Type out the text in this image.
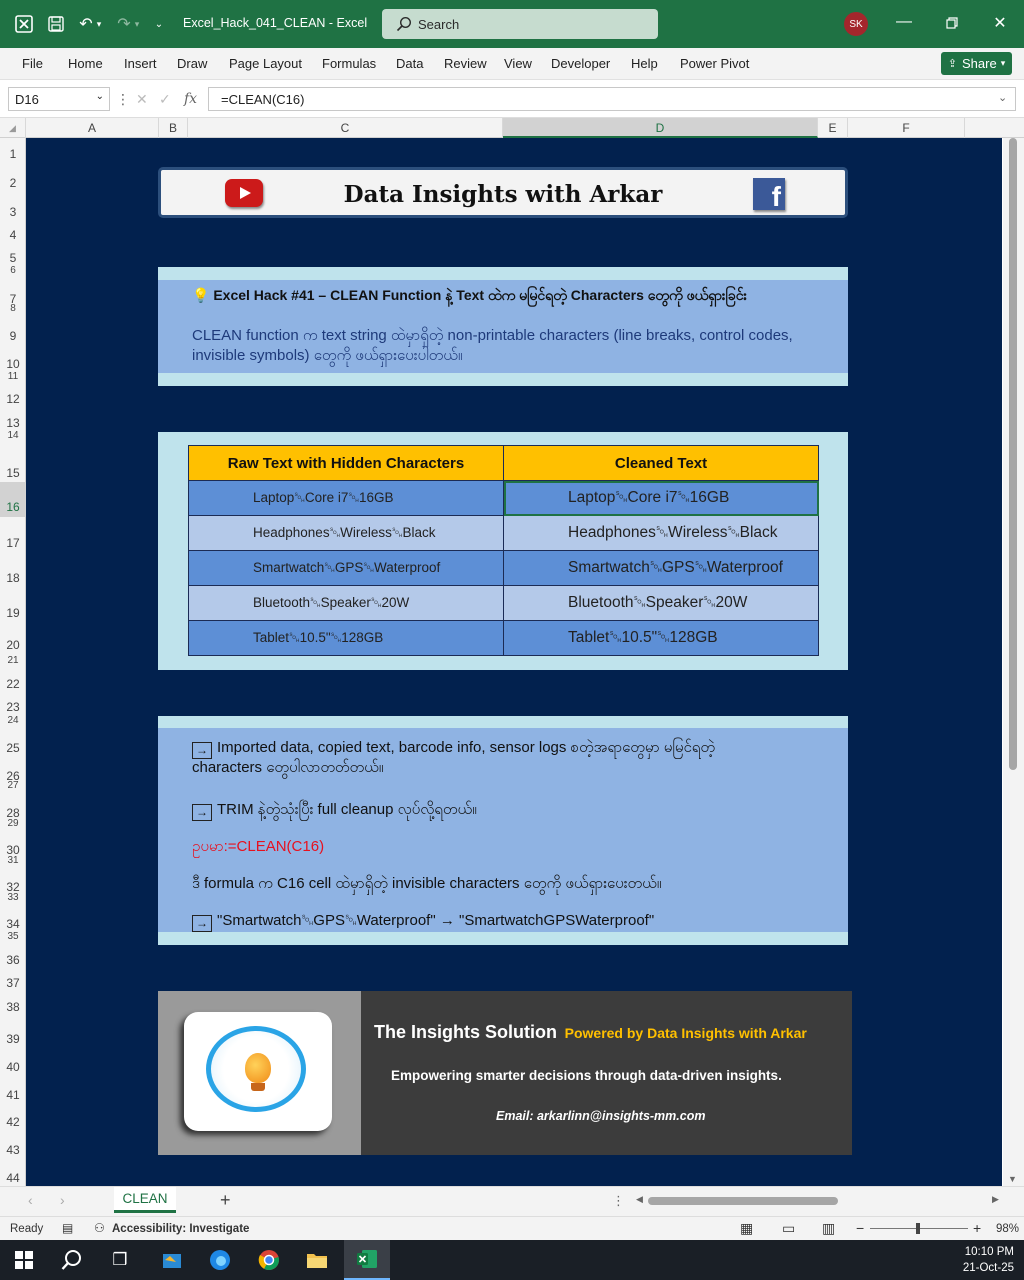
↶ ▾	↷ ▾	⌄	Excel_Hack_041_CLEAN - Excel	Search	SK	—	✕
File Home Insert Draw Page Layout Formulas Data Review View Developer Help Power Pivot	⇪ Share ▾
D16	⌄ ⋮ ✕ ✓ fx	=CLEAN(C16)	⌄
◢	A	B	C	D	E	F
1
2
3
4
5
6
7
8
9
10
11
12
13
14
15
16
17
18
19
20
21
22
23
24
25
26
27
28
29
30
31
32
33
34
35
36
37
38
39
40
41
42
43
44
Data Insights with Arkar	f
💡 Excel Hack #41 – CLEAN Function နဲ့ Text ထဲက မမြင်ရတဲ့ Characters တွေကို ဖယ်ရှားခြင်း
CLEAN function က text string ထဲမှာရှိတဲ့ non-printable characters (line breaks, control codes, invisible symbols) တွေကို ဖယ်ရှားပေးပါတယ်။
Raw Text with Hidden Characters	Cleaned Text
Laptop␁Core i7␁16GB	Laptop␁Core i7␁16GB
Headphones␁Wireless␁Black	Headphones␁Wireless␁Black
Smartwatch␁GPS␁Waterproof	Smartwatch␁GPS␁Waterproof
Bluetooth␁Speaker␁20W	Bluetooth␁Speaker␁20W
Tablet␁10.5"␁128GB	Tablet␁10.5"␁128GB
→ Imported data, copied text, barcode info, sensor logs စတဲ့အရာတွေမှာ မမြင်ရတဲ့
characters တွေပါလာတတ်တယ်။
→ TRIM နဲ့တွဲသုံးပြီး full cleanup လုပ်လို့ရတယ်။
ဥပမာ:=CLEAN(C16)
ဒီ formula က C16 cell ထဲမှာရှိတဲ့ invisible characters တွေကို ဖယ်ရှားပေးတယ်။
→ "Smartwatch␁GPS␁Waterproof" → "SmartwatchGPSWaterproof"
The Insights Solution Powered by Data Insights with Arkar
Empowering smarter decisions through data-driven insights.
Email: arkarlinn@insights-mm.com
▼
‹ ›	CLEAN	+	⋮ ◀	▶
Ready ▤ ⚇ Accessibility: Investigate	▦ ▭ ▥ −	+ 98%
❒	10:10 PM
21-Oct-25
